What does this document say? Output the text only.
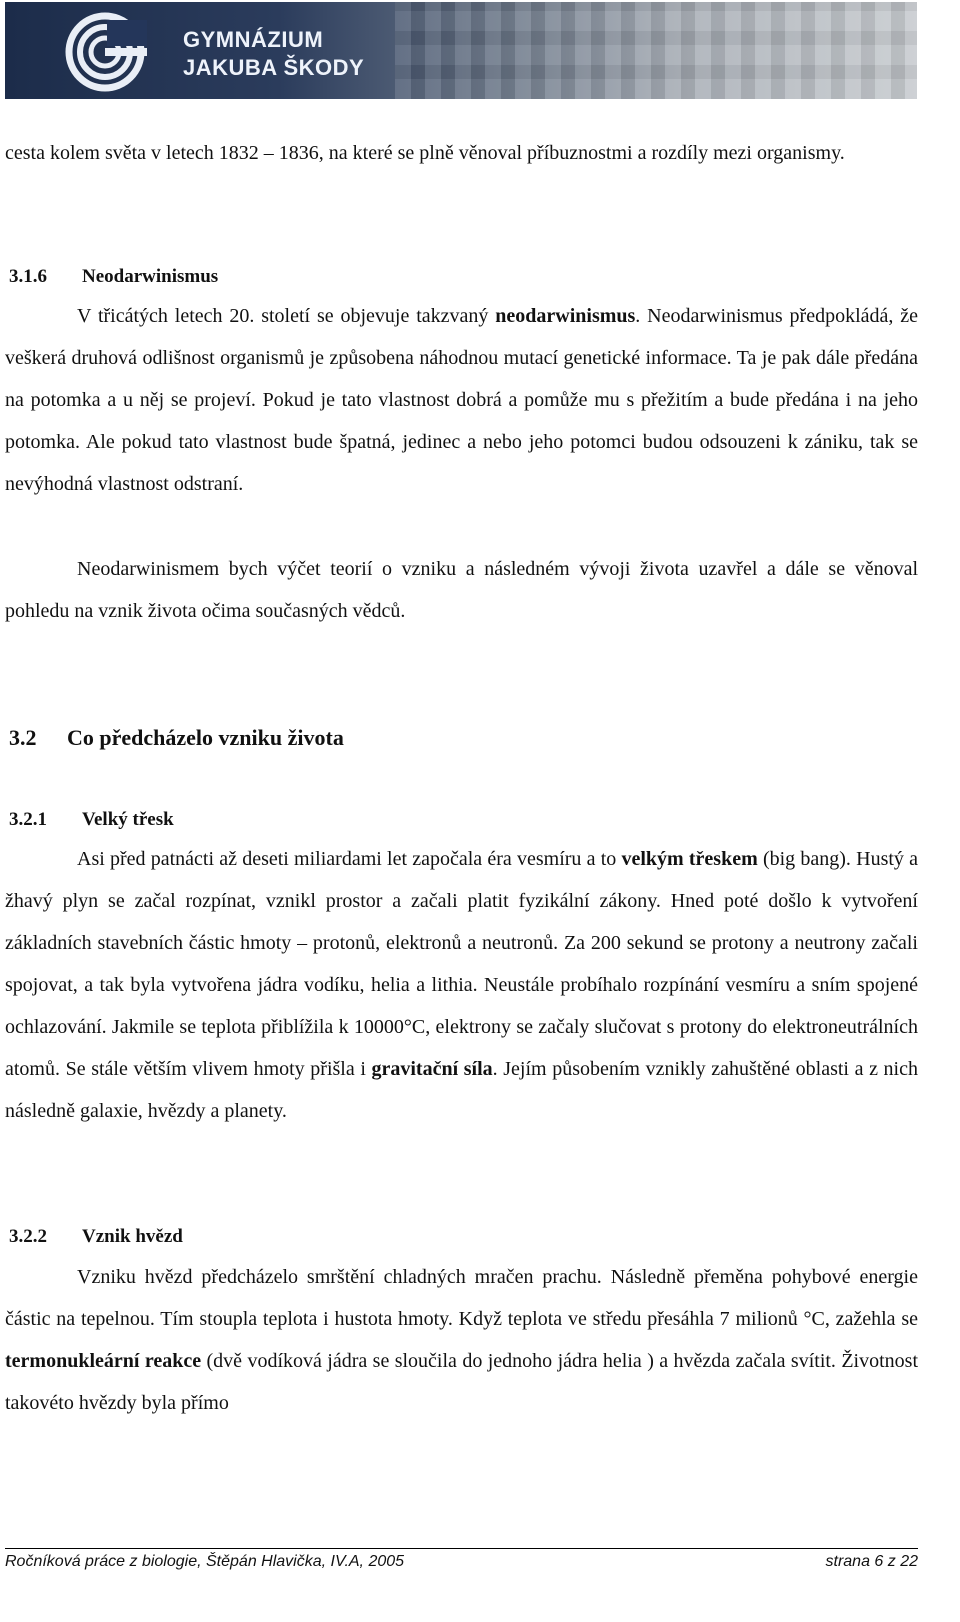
GYMNÁZIUM
JAKUBA ŠKODY

cesta kolem světa v letech 1832 – 1836, na které se plně věnoval příbuznostmi a rozdíly mezi organismy.

3.1.6 Neodarwinismus

V třicátých letech 20. století se objevuje takzvaný neodarwinismus. Neodarwinismus předpokládá, že veškerá druhová odlišnost organismů je způsobena náhodnou mutací genetické informace. Ta je pak dále předána na potomka a u něj se projeví. Pokud je tato vlastnost dobrá a pomůže mu s přežitím a bude předána i na jeho potomka. Ale pokud tato vlastnost bude špatná, jedinec a nebo jeho potomci budou odsouzeni k zániku, tak se nevýhodná vlastnost odstraní.

Neodarwinismem bych výčet teorií o vzniku a následném vývoji života uzavřel a dále se věnoval pohledu na vznik života očima současných vědců.

3.2 Co předcházelo vzniku života
3.2.1 Velký třesk

Asi před patnácti až deseti miliardami let započala éra vesmíru a to velkým třeskem (big bang). Hustý a žhavý plyn se začal rozpínat, vznikl prostor a začali platit fyzikální zákony. Hned poté došlo k vytvoření základních stavebních částic hmoty – protonů, elektronů a neutronů. Za 200 sekund se protony a neutrony začali spojovat, a tak byla vytvořena jádra vodíku, helia a lithia. Neustále probíhalo rozpínání vesmíru a sním spojené ochlazování. Jakmile se teplota přiblížila k 10000°C, elektrony se začaly slučovat s protony do elektroneutrálních atomů. Se stále větším vlivem hmoty přišla i gravitační síla. Jejím působením vznikly zahuštěné oblasti a z nich následně galaxie, hvězdy a planety.

3.2.2 Vznik hvězd

Vzniku hvězd předcházelo smrštění chladných mračen prachu. Následně přeměna pohybové energie částic na tepelnou. Tím stoupla teplota i hustota hmoty. Když teplota ve středu přesáhla 7 milionů °C, zažehla se termonukleární reakce (dvě vodíková jádra se sloučila do jednoho jádra helia ) a hvězda začala svítit. Životnost takovéto hvězdy byla přímo

Ročníková práce z biologie, Štěpán Hlavička, IV.A, 2005	strana 6 z 22
